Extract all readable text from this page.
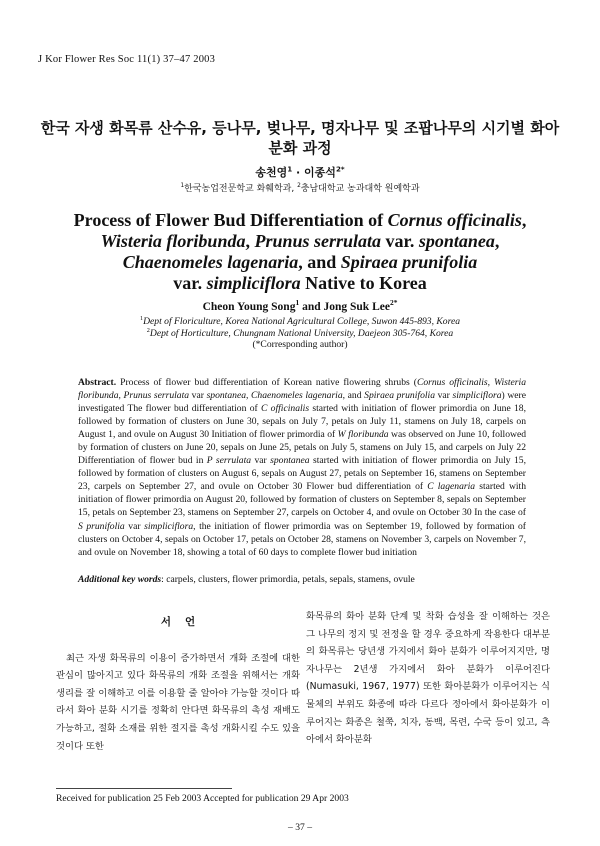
J Kor Flower Res Soc 11(1) 37–47 2003
한국 자생 화목류 산수유, 등나무, 벚나무, 명자나무 및 조팝나무의 시기별 화아 분화 과정
송천영$^1$ · 이종석$^{2*}$
$^1$한국농업전문학교 화훼학과, $^2$충남대학교 농과대학 원예학과
Process of Flower Bud Differentiation of Cornus officinalis,
Wisteria floribunda, Prunus serrulata var. spontanea,
Chaenomeles lagenaria, and Spiraea prunifolia
var. simpliciflora Native to Korea
Cheon Young Song$^1$ and Jong Suk Lee$^{2*}$
$^1$Dept of Floriculture, Korea National Agricultural College, Suwon 445-893, Korea
$^2$Dept of Horticulture, Chungnam National University, Daejeon 305-764, Korea
(*Corresponding author)
Abstract. Process of flower bud differentiation of Korean native flowering shrubs (Cornus officinalis, Wisteria floribunda, Prunus serrulata var spontanea, Chaenomeles lagenaria, and Spiraea prunifolia var simpliciflora) were investigated The flower bud differentiation of C officinalis started with initiation of flower primordia on June 18, followed by formation of clusters on June 30, sepals on July 7, petals on July 11, stamens on July 18, carpels on August 1, and ovule on August 30 Initiation of flower primordia of W floribunda was observed on June 10, followed by formation of clusters on June 20, sepals on June 25, petals on July 5, stamens on July 15, and carpels on July 22 Differentiation of flower bud in P serrulata var spontanea started with initiation of flower primordia on July 15, followed by formation of clusters on August 6, sepals on August 27, petals on September 16, stamens on September 23, carpels on September 27, and ovule on October 30 Flower bud differentiation of C lagenaria started with initiation of flower primordia on August 20, followed by formation of clusters on September 8, sepals on September 15, petals on September 23, stamens on September 27, carpels on October 4, and ovule on October 30 In the case of S prunifolia var simpliciflora, the initiation of flower primordia was on September 19, followed by formation of clusters on October 4, sepals on October 17, petals on October 28, stamens on November 3, carpels on November 7, and ovule on November 18, showing a total of 60 days to complete flower bud initiation
Additional key words: carpels, clusters, flower primordia, petals, sepals, stamens, ovule
서언

최근 자생 화목류의 이용이 증가하면서 개화 조절에 대한 관심이 많아지고 있다 화목류의 개화 조절을 위해서는 개화 생리를 잘 이해하고 이를 이용할 줄 알아야 가능할 것이다 따라서 화아 분화 시기를 정확히 안다면 화목류의 촉성 재배도 가능하고, 절화 소재를 위한 절지를 촉성 개화시킬 수도 있을 것이다 또한

화목류의 화아 분화 단계 및 착화 습성을 잘 이해하는 것은 그 나무의 정지 및 전정을 할 경우 중요하게 작용한다 대부분의 화목류는 당년생 가지에서 화아 분화가 이루어지지만, 명자나무는 2년생 가지에서 화아 분화가 이루어진다(Numasuki, 1967, 1977) 또한 화아분화가 이루어지는 식물체의 부위도 화종에 따라 다르다 정아에서 화아분화가 이루어지는 화종은 철쭉, 치자, 동백, 목련, 수국 등이 있고, 측아에서 화아분화

Received for publication 25 Feb 2003 Accepted for publication 29 Apr 2003
– 37 –
